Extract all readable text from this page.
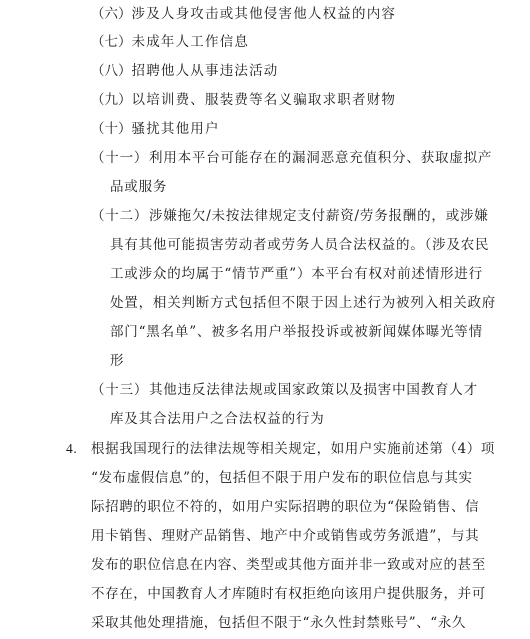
（六）涉及人身攻击或其他侵害他人权益的内容
（七）未成年人工作信息
（八）招聘他人从事违法活动
（九）以培训费、服装费等名义骗取求职者财物
（十）骚扰其他用户
（十一）利用本平台可能存在的漏洞恶意充值积分、获取虚拟产
品或服务
（十二）涉嫌拖欠/未按法律规定支付薪资/劳务报酬的，或涉嫌
具有其他可能损害劳动者或劳务人员合法权益的。（涉及农民
工或涉众的均属于“情节严重”）本平台有权对前述情形进行
处置，相关判断方式包括但不限于因上述行为被列入相关政府
部门“黑名单”、被多名用户举报投诉或被新闻媒体曝光等情
形
（十三）其他违反法律法规或国家政策以及损害中国教育人才
库及其合法用户之合法权益的行为
4. 根据我国现行的法律法规等相关规定，如用户实施前述第（4）项
“发布虚假信息”的，包括但不限于用户发布的职位信息与其实
际招聘的职位不符的，如用户实际招聘的职位为“保险销售、信
用卡销售、理财产品销售、地产中介或销售或劳务派遣”，与其
发布的职位信息在内容、类型或其他方面并非一致或对应的甚至
不存在，中国教育人才库随时有权拒绝向该用户提供服务，并可
采取其他处理措施，包括但不限于“永久性封禁账号”、“永久
